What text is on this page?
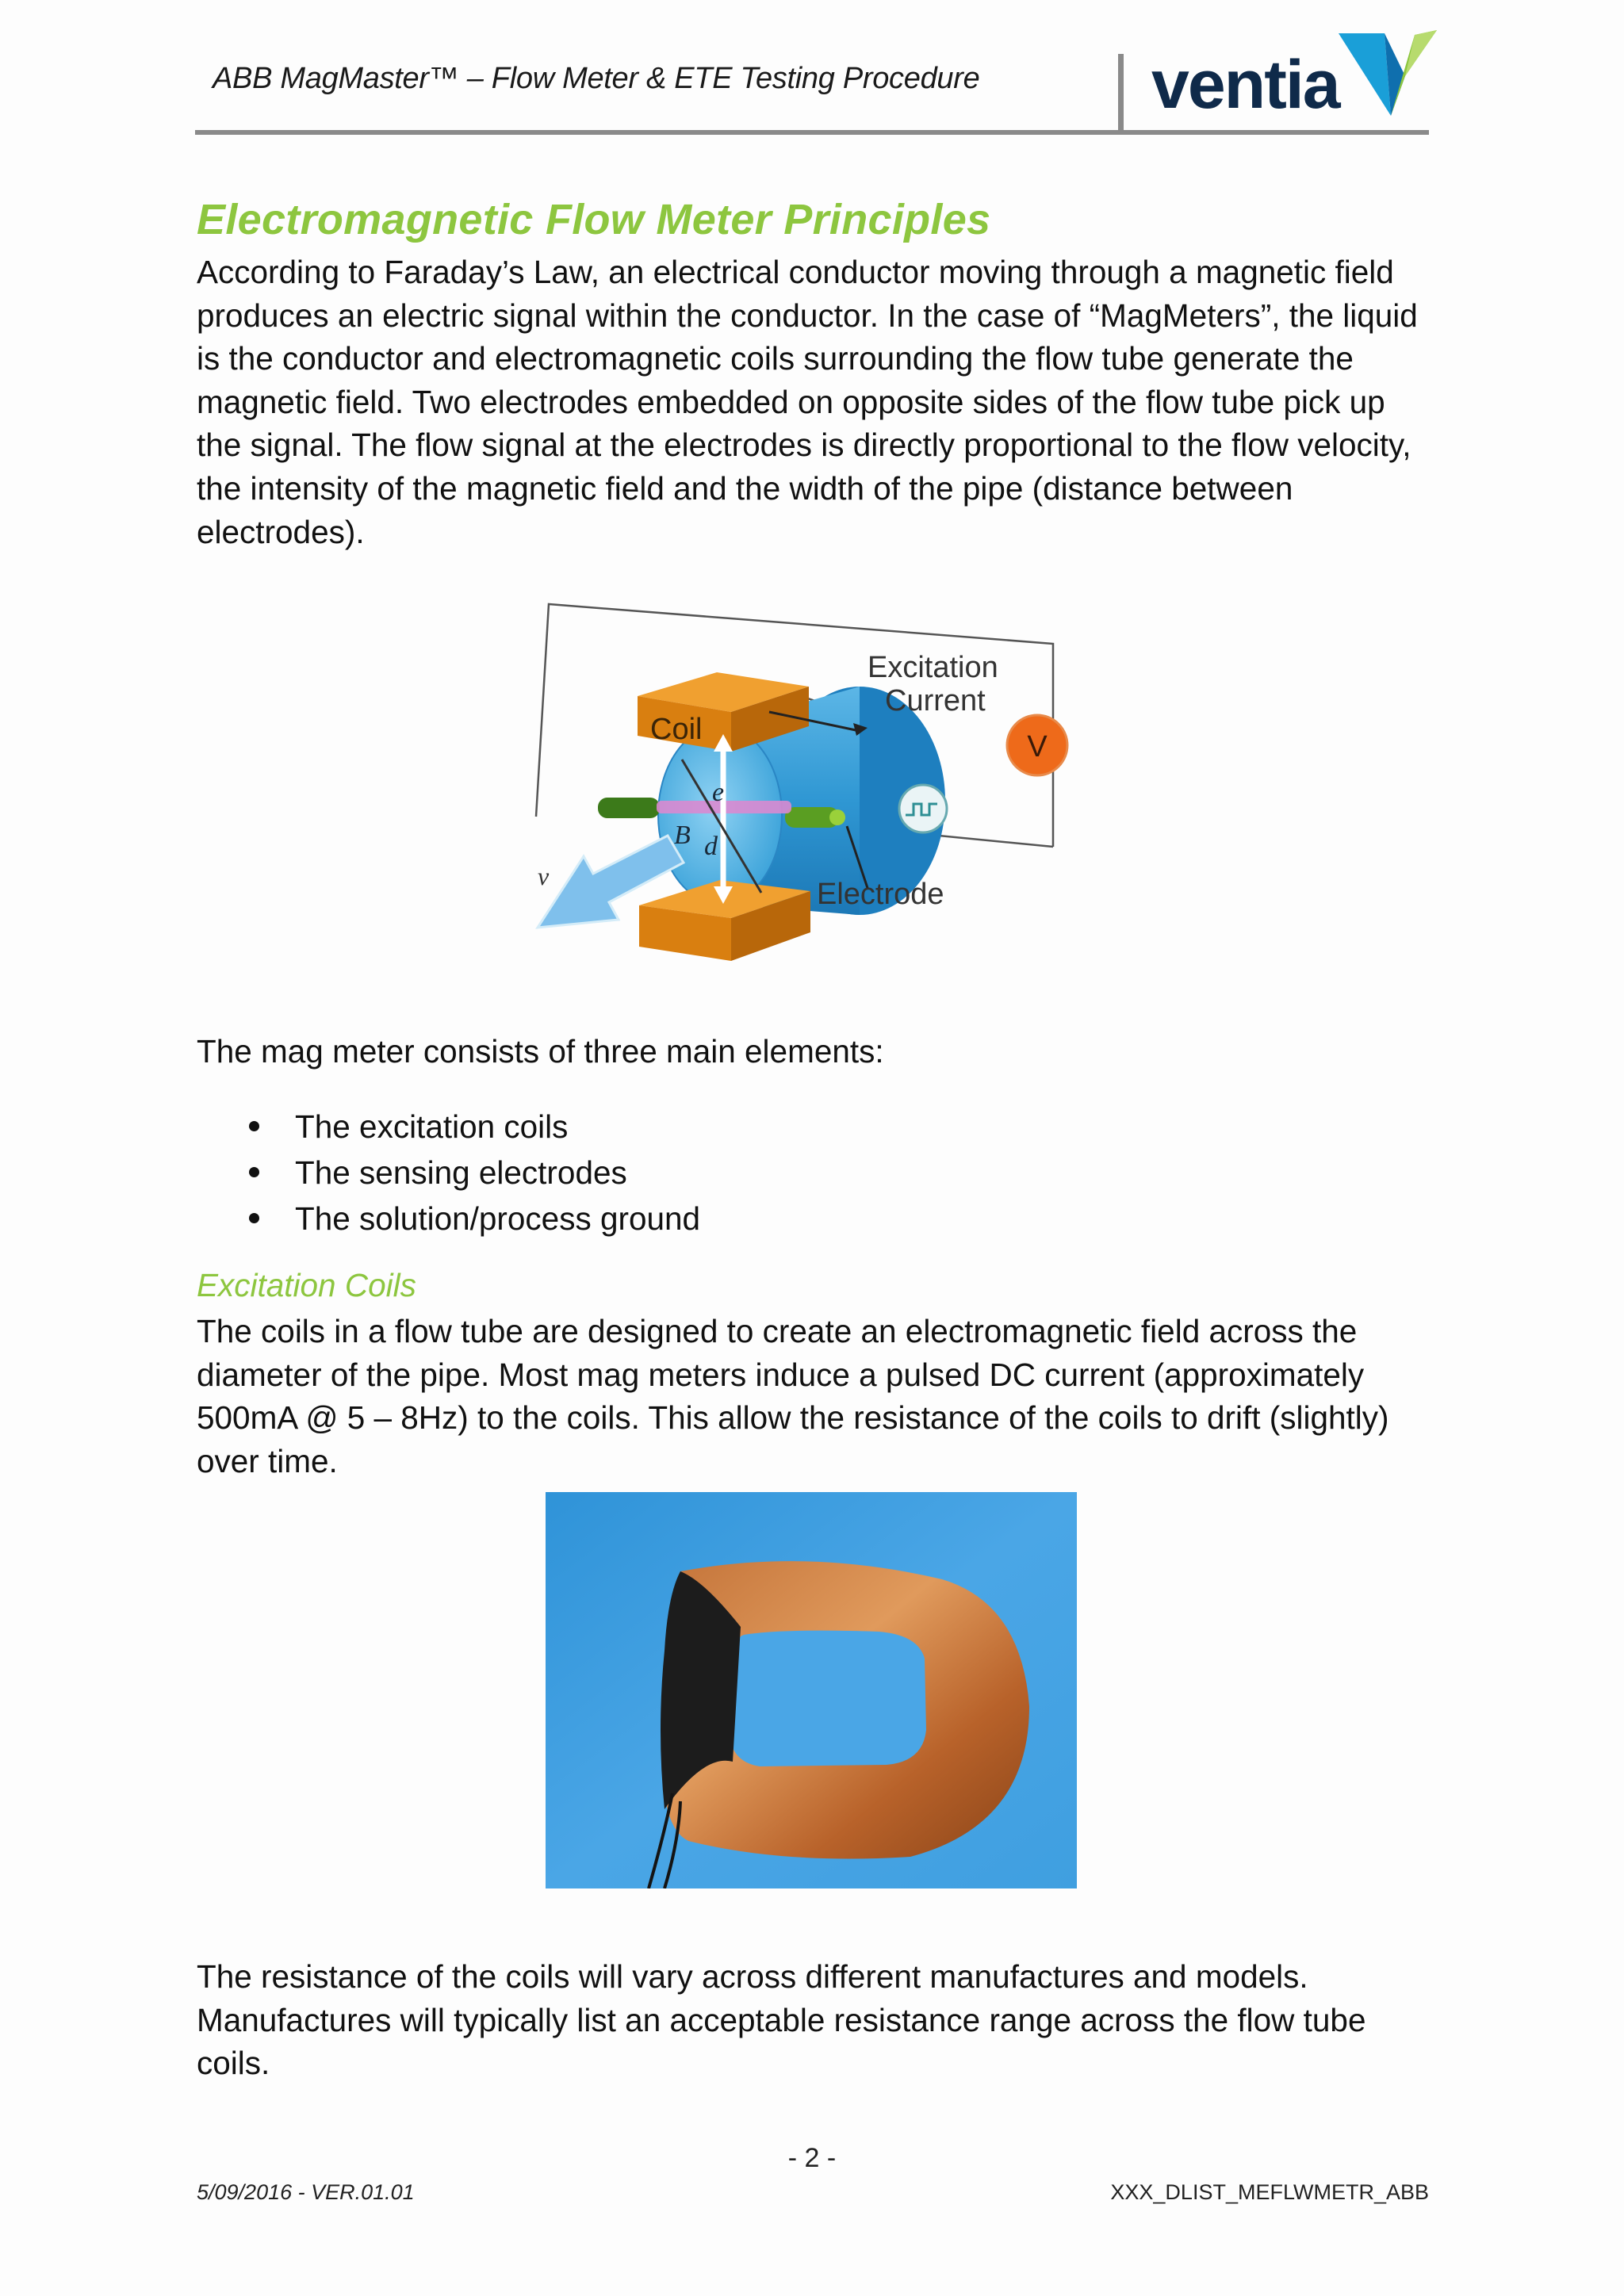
ABB MagMaster™ – Flow Meter & ETE Testing Procedure	ventia
Electromagnetic Flow Meter Principles
According to Faraday’s Law, an electrical conductor moving through a magnetic field produces an electric signal within the conductor. In the case of “MagMeters”, the liquid is the conductor and electromagnetic coils surrounding the flow tube generate the magnetic field. Two electrodes embedded on opposite sides of the flow tube pick up the signal. The flow signal at the electrodes is directly proportional to the flow velocity, the intensity of the magnetic field and the width of the pipe (distance between electrodes).
Coil
Excitation
Current
Electrode
V
v
B
e
d
The mag meter consists of three main elements:
The excitation coils
The sensing electrodes
The solution/process ground
Excitation Coils
The coils in a flow tube are designed to create an electromagnetic field across the diameter of the pipe. Most mag meters induce a pulsed DC current (approximately 500mA @ 5 – 8Hz) to the coils. This allow the resistance of the coils to drift (slightly) over time.
The resistance of the coils will vary across different manufactures and models. Manufactures will typically list an acceptable resistance range across the flow tube coils.
- 2 -
5/09/2016 - VER.01.01	XXX_DLIST_MEFLWMETR_ABB
